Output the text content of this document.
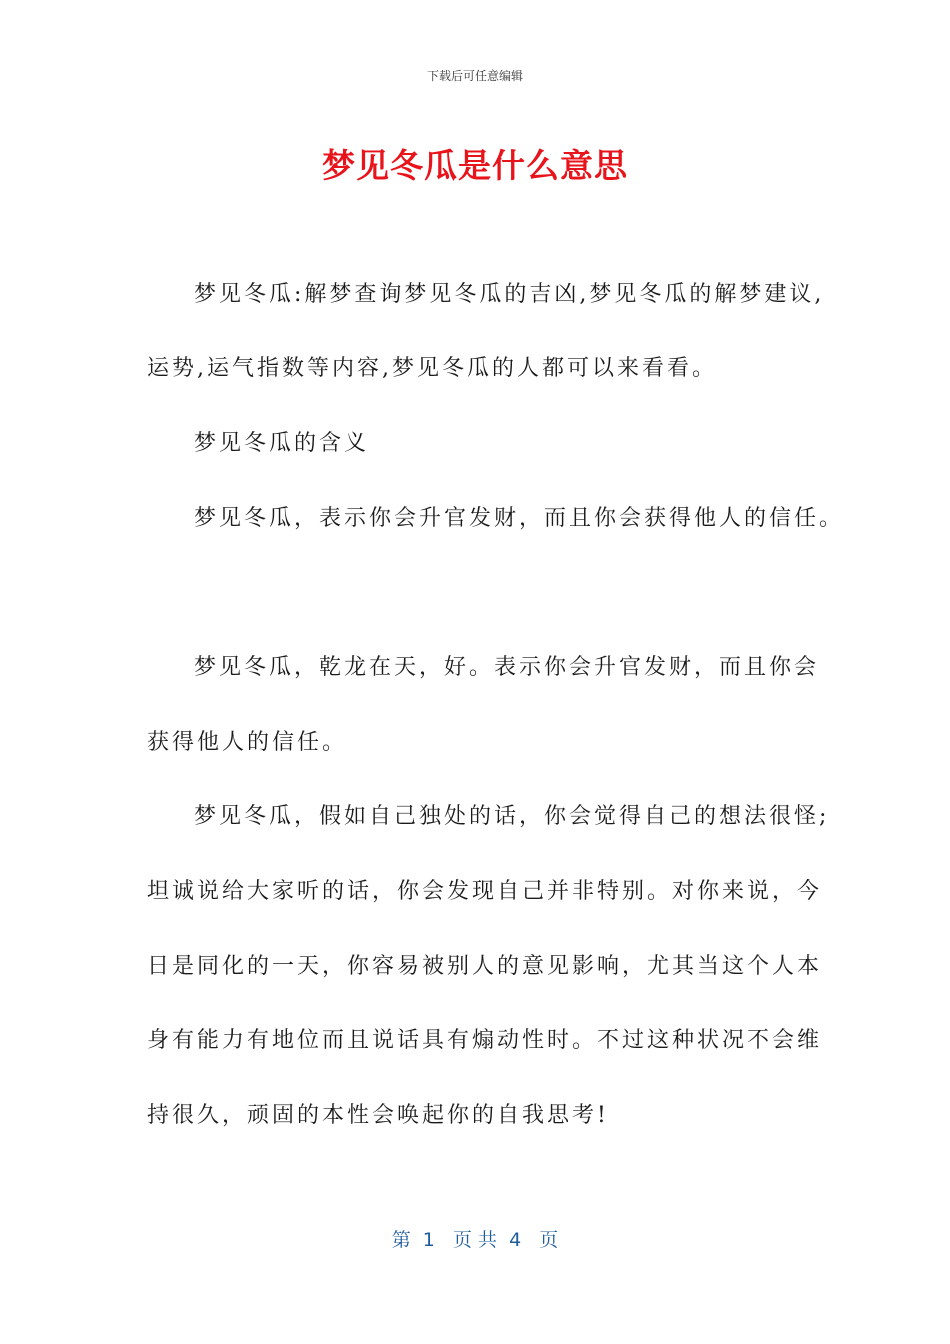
下载后可任意编辑
梦见冬瓜是什么意思
梦见冬瓜:解梦查询梦见冬瓜的吉凶,梦见冬瓜的解梦建议,
运势,运气指数等内容,梦见冬瓜的人都可以来看看。
梦见冬瓜的含义
梦见冬瓜，表示你会升官发财，而且你会获得他人的信任。
梦见冬瓜，乾龙在天，好。表示你会升官发财，而且你会
获得他人的信任。
梦见冬瓜，假如自己独处的话，你会觉得自己的想法很怪;
坦诚说给大家听的话，你会发现自己并非特别。对你来说，今
日是同化的一天，你容易被别人的意见影响，尤其当这个人本
身有能力有地位而且说话具有煽动性时。不过这种状况不会维
持很久，顽固的本性会唤起你的自我思考!
第  1   页 共  4   页
